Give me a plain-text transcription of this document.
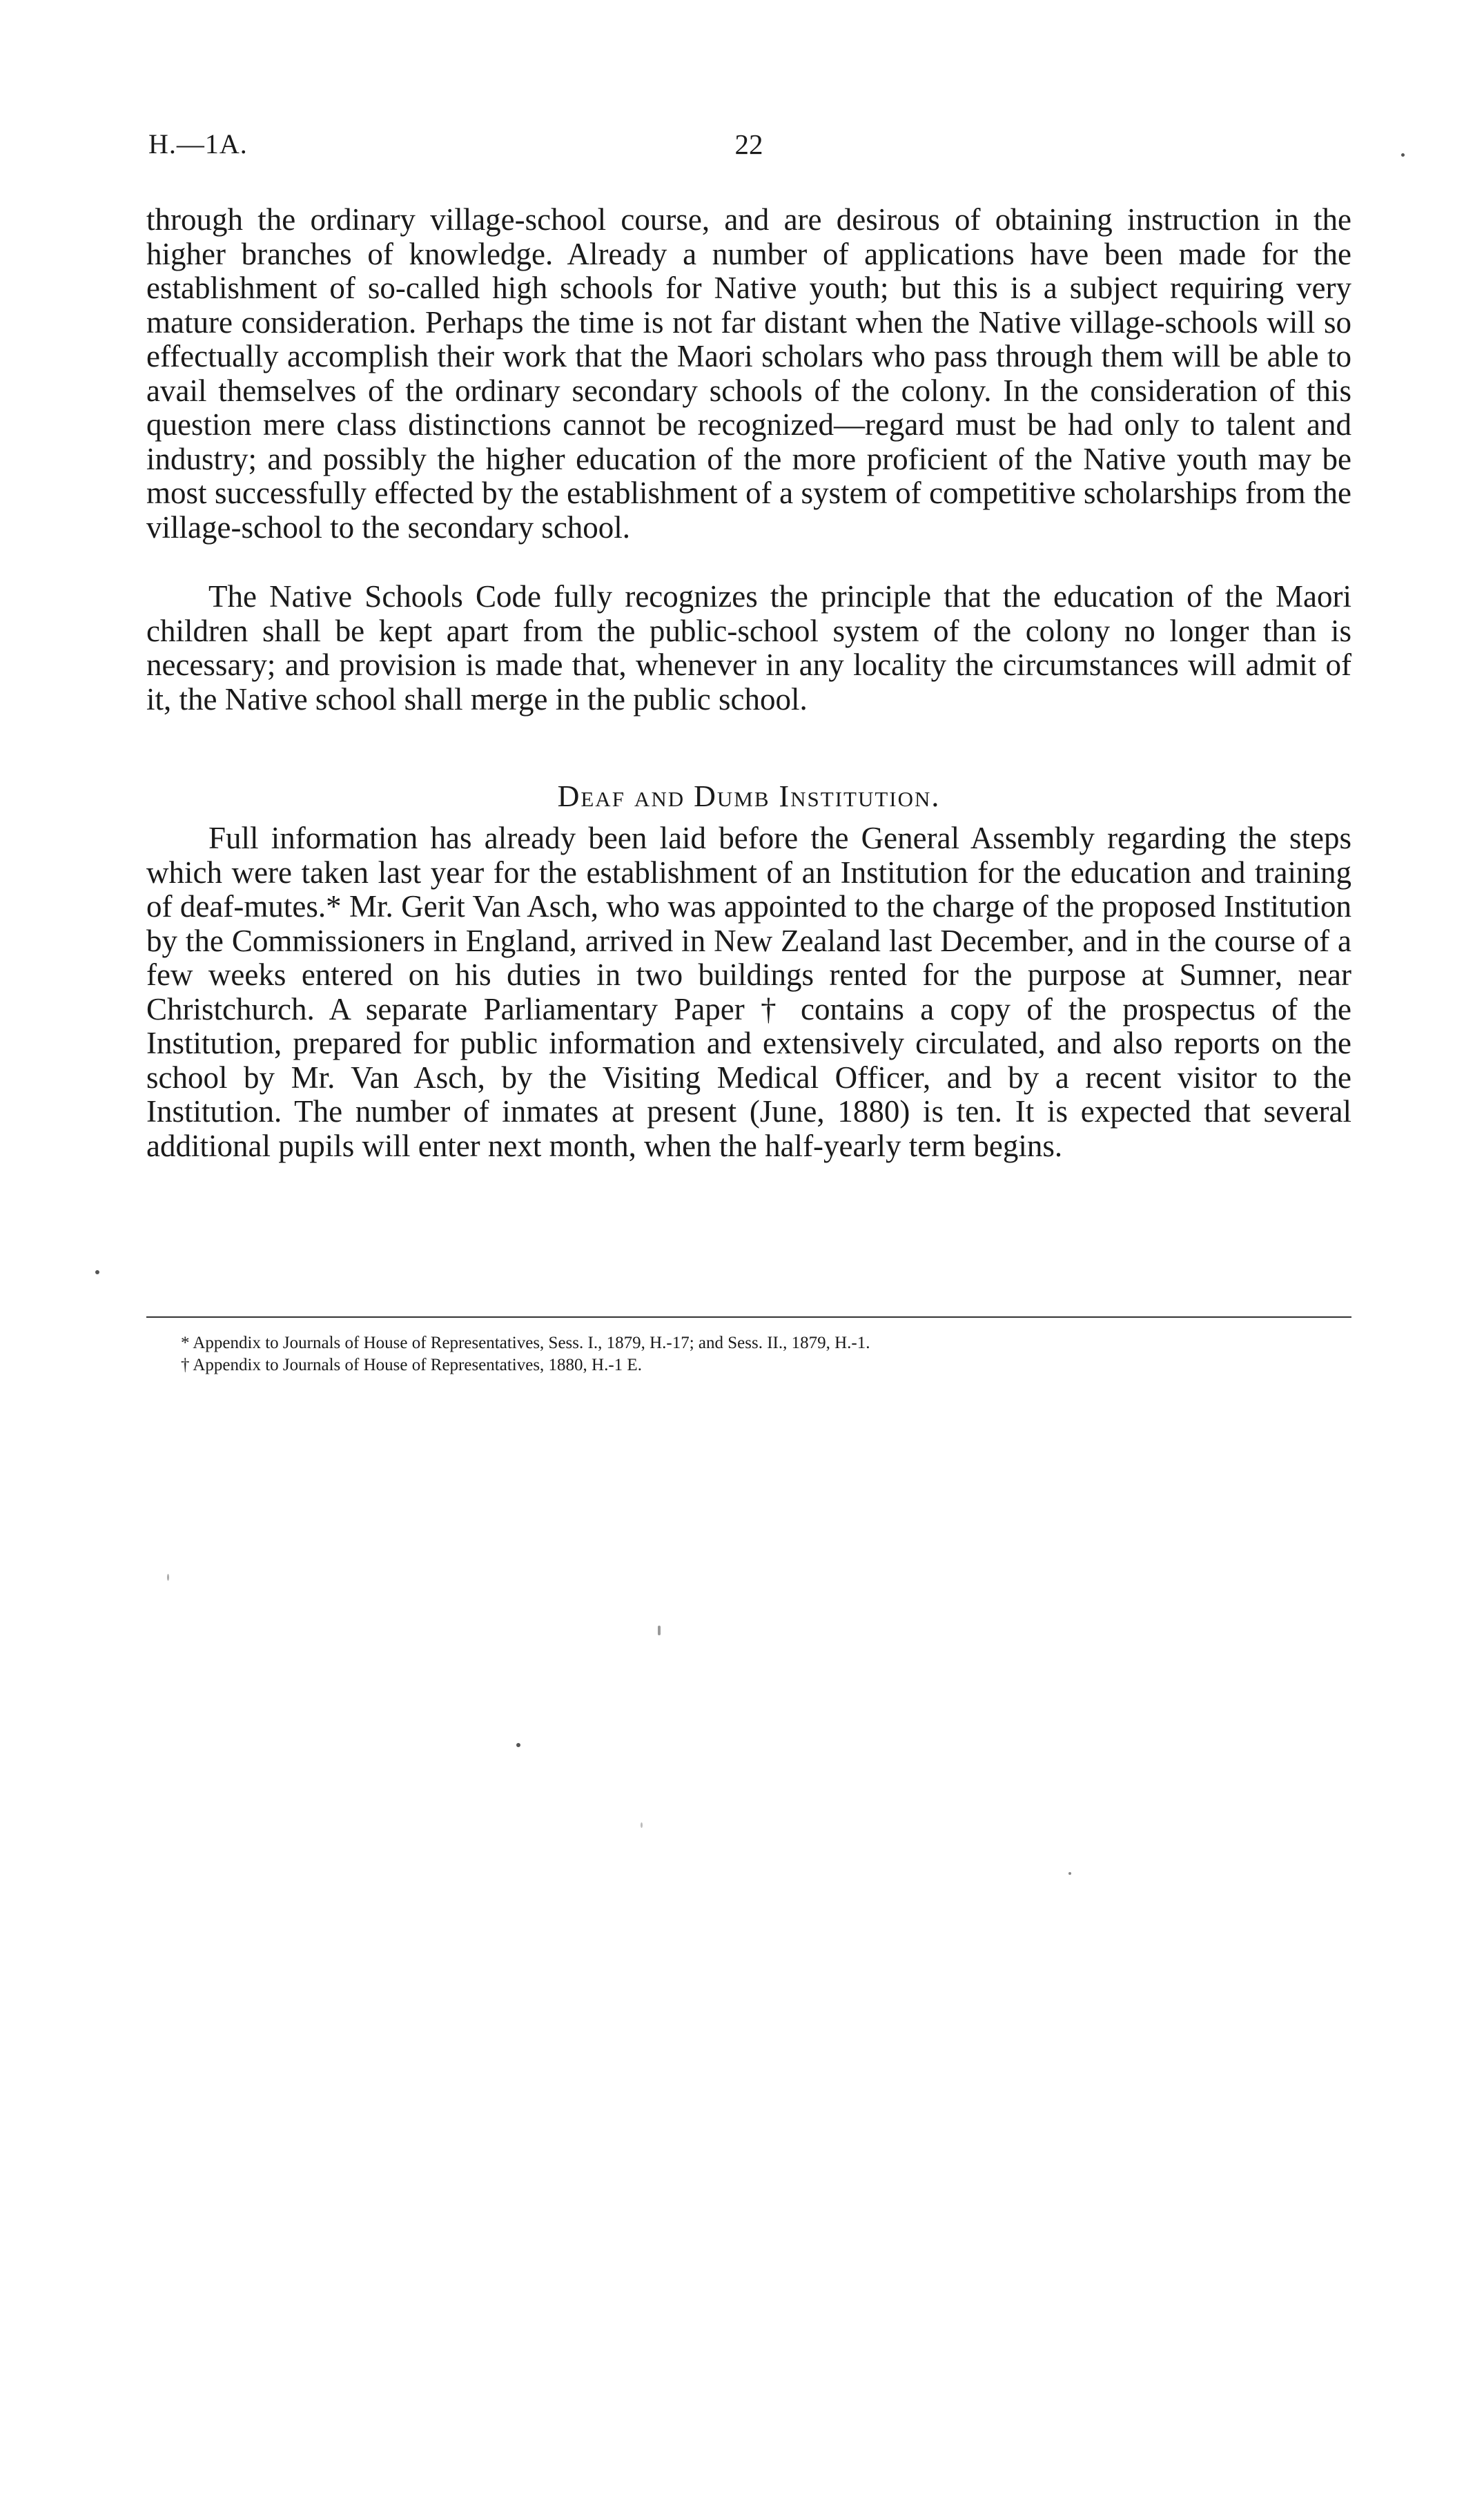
H.—1A.	22

through the ordinary village-school course, and are desirous of obtaining instruction in the higher branches of knowledge. Already a number of applications have been made for the establishment of so-called high schools for Native youth; but this is a subject requiring very mature consideration. Perhaps the time is not far distant when the Native village-schools will so effectually accomplish their work that the Maori scholars who pass through them will be able to avail themselves of the ordinary secondary schools of the colony. In the consideration of this question mere class distinctions cannot be recognized—regard must be had only to talent and industry; and possibly the higher education of the more proficient of the Native youth may be most successfully effected by the establishment of a system of competitive scholarships from the village-school to the secondary school.

The Native Schools Code fully recognizes the principle that the education of the Maori children shall be kept apart from the public-school system of the colony no longer than is necessary; and provision is made that, whenever in any locality the circumstances will admit of it, the Native school shall merge in the public school.

Deaf and Dumb Institution.

Full information has already been laid before the General Assembly regarding the steps which were taken last year for the establishment of an Institution for the education and training of deaf-mutes.* Mr. Gerit Van Asch, who was appointed to the charge of the proposed Institution by the Commissioners in England, arrived in New Zealand last December, and in the course of a few weeks entered on his duties in two buildings rented for the purpose at Sumner, near Christchurch. A separate Parliamentary Paper † contains a copy of the prospectus of the Institution, prepared for public information and extensively circulated, and also reports on the school by Mr. Van Asch, by the Visiting Medical Officer, and by a recent visitor to the Institution. The number of inmates at present (June, 1880) is ten. It is expected that several additional pupils will enter next month, when the half-yearly term begins.

* Appendix to Journals of House of Representatives, Sess. I., 1879, H.-17; and Sess. II., 1879, H.-1.

† Appendix to Journals of House of Representatives, 1880, H.-1 E.
